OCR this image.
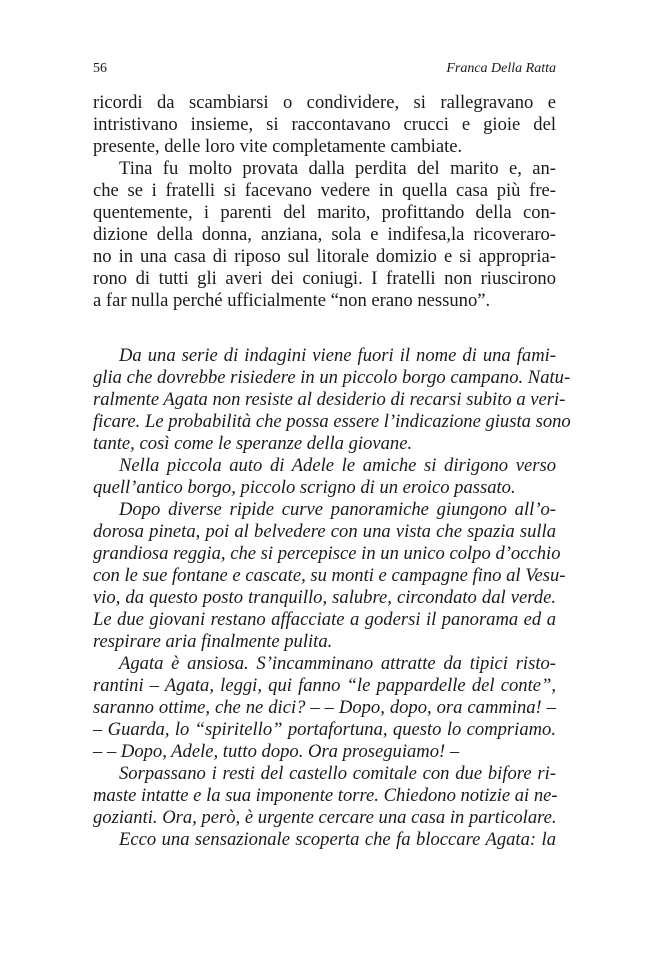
56	Franca Della Ratta
ricordi da scambiarsi o condividere, si rallegravano e
intristivano insieme, si raccontavano crucci e gioie del
presente, delle loro vite completamente cambiate.
Tina fu molto provata dalla perdita del marito e, an-
che se i fratelli si facevano vedere in quella casa più fre-
quentemente, i parenti del marito, profittando della con-
dizione della donna, anziana, sola e indifesa,la ricoveraro-
no in una casa di riposo sul litorale domizio e si appropria-
rono di tutti gli averi dei coniugi. I fratelli non riuscirono
a far nulla perché ufficialmente “non erano nessuno”.
Da una serie di indagini viene fuori il nome di una fami-
glia che dovrebbe risiedere in un piccolo borgo campano. Natu-
ralmente Agata non resiste al desiderio di recarsi subito a veri-
ficare. Le probabilità che possa essere l’indicazione giusta sono
tante, così come le speranze della giovane.
Nella piccola auto di Adele le amiche si dirigono verso
quell’antico borgo, piccolo scrigno di un eroico passato.
Dopo diverse ripide curve panoramiche giungono all’o-
dorosa pineta, poi al belvedere con una vista che spazia sulla
grandiosa reggia, che si percepisce in un unico colpo d’occhio
con le sue fontane e cascate, su monti e campagne fino al Vesu-
vio, da questo posto tranquillo, salubre, circondato dal verde.
Le due giovani restano affacciate a godersi il panorama ed a
respirare aria finalmente pulita.
Agata è ansiosa. S’incamminano attratte da tipici risto-
rantini – Agata, leggi, qui fanno “le pappardelle del conte”,
saranno ottime, che ne dici? – – Dopo, dopo, ora cammina! –
– Guarda, lo “spiritello” portafortuna, questo lo compriamo.
– – Dopo, Adele, tutto dopo. Ora proseguiamo! –
Sorpassano i resti del castello comitale con due bifore ri-
maste intatte e la sua imponente torre. Chiedono notizie ai ne-
gozianti. Ora, però, è urgente cercare una casa in particolare.
Ecco una sensazionale scoperta che fa bloccare Agata: la
